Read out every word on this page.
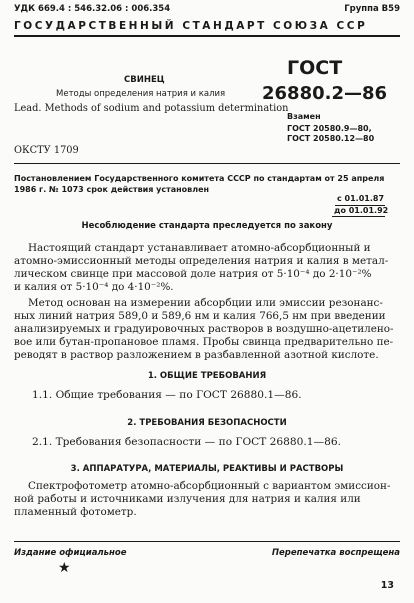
УДК 669.4 : 546.32.06 : 006.354	Группа В59
ГОСУДАРСТВЕННЫЙ СТАНДАРТ СОЮЗА ССР
СВИНЕЦ
Методы определения натрия и калия
Lead. Methods of sodium and potassium determination
ГОСТ
26880.2—86
Взамен
ГОСТ 20580.9—80,
ГОСТ 20580.12—80
ОКСТУ 1709
Постановлением Государственного комитета СССР по стандартам от 25 апреля
1986 г. № 1073 срок действия установлен
с 01.01.87
до 01.01.92
Несоблюдение стандарта преследуется по закону
Настоящий стандарт устанавливает атомно-абсорбционный и
атомно-эмиссионный методы определения натрия и калия в метал-
лическом свинце при массовой доле натрия от 5·10⁻⁴ до 2·10⁻²%
и калия от 5·10⁻⁴ до 4·10⁻²%.
Метод основан на измерении абсорбции или эмиссии резонанс-
ных линий натрия 589,0 и 589,6 нм и калия 766,5 нм при введении
анализируемых и градуировочных растворов в воздушно-ацетилено-
вое или бутан-пропановое пламя. Пробы свинца предварительно пе-
реводят в раствор разложением в разбавленной азотной кислоте.
1. ОБЩИЕ ТРЕБОВАНИЯ
1.1. Общие требования — по ГОСТ 26880.1—86.
2. ТРЕБОВАНИЯ БЕЗОПАСНОСТИ
2.1. Требования безопасности — по ГОСТ 26880.1—86.
3. АППАРАТУРА, МАТЕРИАЛЫ, РЕАКТИВЫ И РАСТВОРЫ
Спектрофотометр атомно-абсорбционный с вариантом эмиссион-
ной работы и источниками излучения для натрия и калия или
пламенный фотометр.
Издание официальное	Перепечатка воспрещена
★
13
